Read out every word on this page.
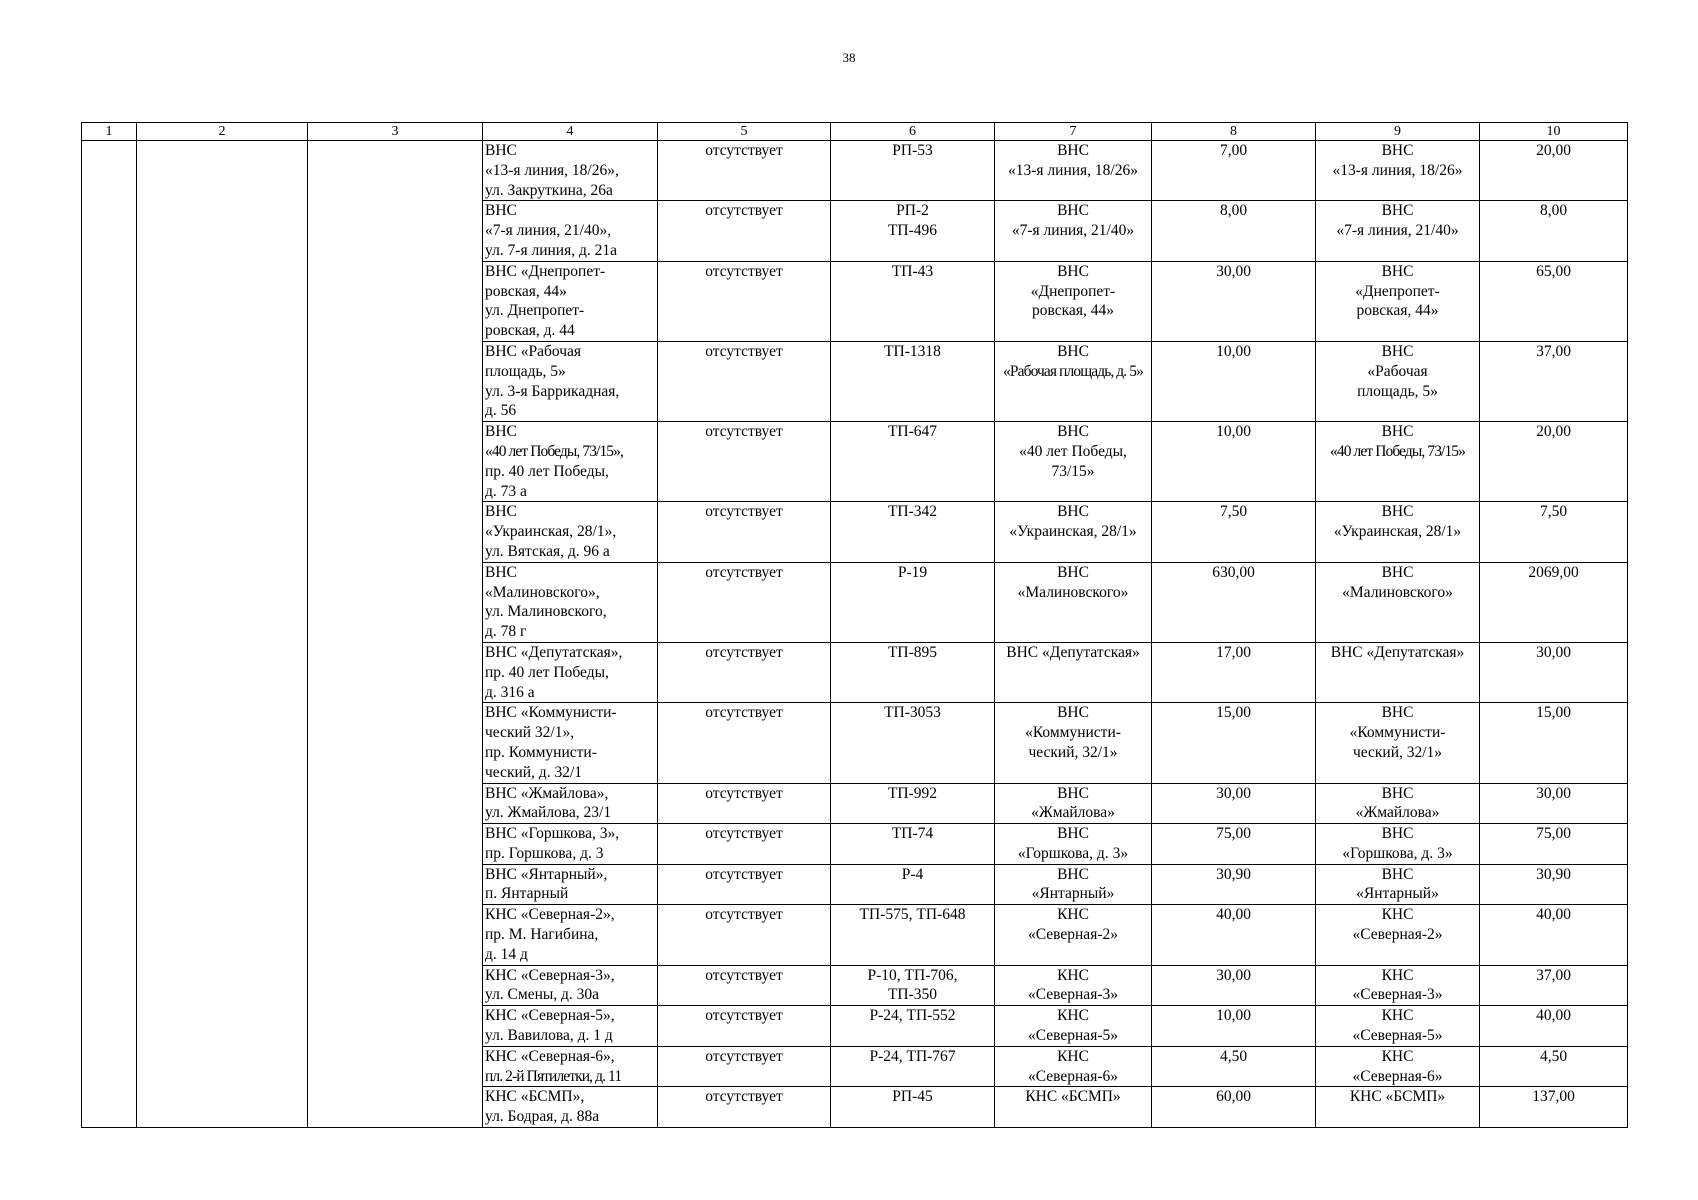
38
1	2	3	4	5	6	7	8	9	10

			ВНС
«13-я линия, 18/26»,
ул. Закруткина, 26а	отсутствует	РП-53	ВНС
«13-я линия, 18/26»	7,00	ВНС
«13-я линия, 18/26»	20,00

			ВНС
«7-я линия, 21/40»,
ул. 7-я линия, д. 21а	отсутствует	РП-2
ТП-496	ВНС
«7-я линия, 21/40»	8,00	ВНС
«7-я линия, 21/40»	8,00

			ВНС «Днепропет-
ровская, 44»
ул. Днепропет-
ровская, д. 44	отсутствует	ТП-43	ВНС
«Днепропет-
ровская, 44»	30,00	ВНС
«Днепропет-
ровская, 44»	65,00

			ВНС «Рабочая
площадь, 5»
ул. 3-я Баррикадная,
д. 56	отсутствует	ТП-1318	ВНС
«Рабочая площадь, д. 5»	10,00	ВНС
«Рабочая
площадь, 5»	37,00

			ВНС
«40 лет Победы, 73/15»,
пр. 40 лет Победы,
д. 73 а	отсутствует	ТП-647	ВНС
«40 лет Победы,
73/15»	10,00	ВНС
«40 лет Победы, 73/15»	20,00

			ВНС
«Украинская, 28/1»,
ул. Вятская, д. 96 а	отсутствует	ТП-342	ВНС
«Украинская, 28/1»	7,50	ВНС
«Украинская, 28/1»	7,50

			ВНС
«Малиновского»,
ул. Малиновского,
д. 78 г	отсутствует	Р-19	ВНС
«Малиновского»	630,00	ВНС
«Малиновского»	2069,00

			ВНС «Депутатская»,
пр. 40 лет Победы,
д. 316 а	отсутствует	ТП-895	ВНС «Депутатская»	17,00	ВНС «Депутатская»	30,00

			ВНС «Коммунисти-
ческий 32/1»,
пр. Коммунисти-
ческий, д. 32/1	отсутствует	ТП-3053	ВНС
«Коммунисти-
ческий, 32/1»	15,00	ВНС
«Коммунисти-
ческий, 32/1»	15,00

			ВНС «Жмайлова»,
ул. Жмайлова, 23/1	отсутствует	ТП-992	ВНС
«Жмайлова»	30,00	ВНС
«Жмайлова»	30,00

			ВНС «Горшкова, 3»,
пр. Горшкова, д. 3	отсутствует	ТП-74	ВНС
«Горшкова, д. 3»	75,00	ВНС
«Горшкова, д. 3»	75,00

			ВНС «Янтарный»,
п. Янтарный	отсутствует	Р-4	ВНС
«Янтарный»	30,90	ВНС
«Янтарный»	30,90

			КНС «Северная-2»,
пр. М. Нагибина,
д. 14 д	отсутствует	ТП-575, ТП-648	КНС
«Северная-2»	40,00	КНС
«Северная-2»	40,00

			КНС «Северная-3»,
ул. Смены, д. 30а	отсутствует	Р-10, ТП-706,
ТП-350	КНС
«Северная-3»	30,00	КНС
«Северная-3»	37,00

			КНС «Северная-5»,
ул. Вавилова, д. 1 д	отсутствует	Р-24, ТП-552	КНС
«Северная-5»	10,00	КНС
«Северная-5»	40,00

			КНС «Северная-6»,
пл. 2-й Пятилетки, д. 11	отсутствует	Р-24, ТП-767	КНС
«Северная-6»	4,50	КНС
«Северная-6»	4,50

			КНС «БСМП»,
ул. Бодрая, д. 88а	отсутствует	РП-45	КНС «БСМП»	60,00	КНС «БСМП»	137,00
